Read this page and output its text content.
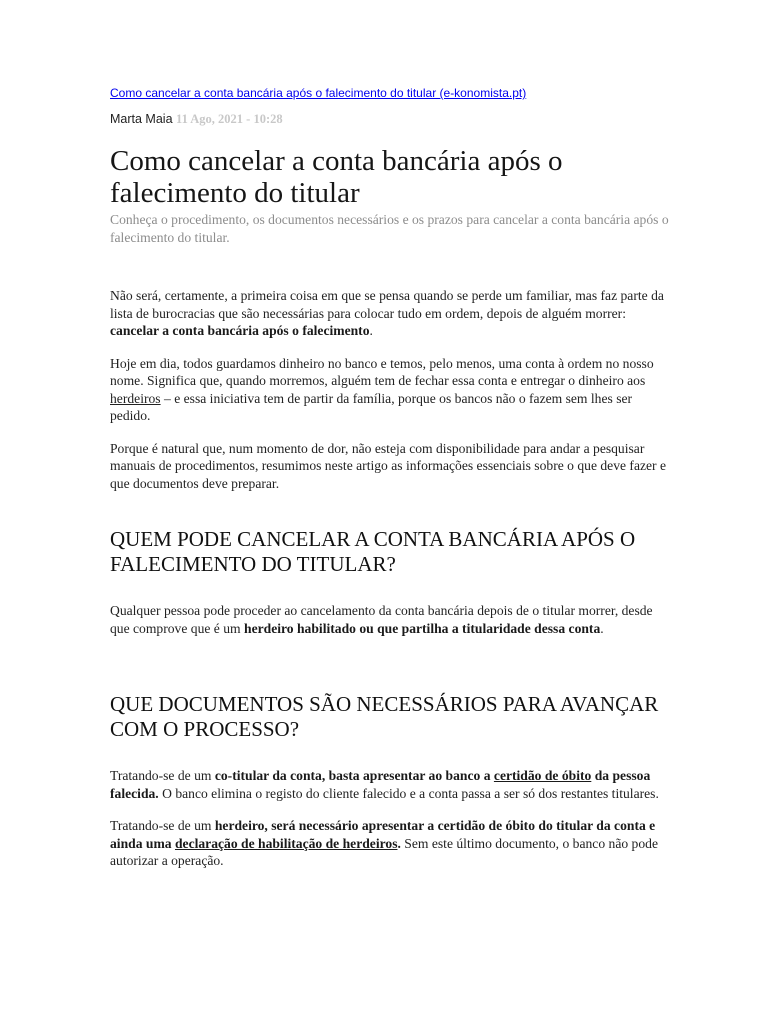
Como cancelar a conta bancária após o falecimento do titular (e-konomista.pt)
Marta Maia 11 Ago, 2021 - 10:28
Como cancelar a conta bancária após o falecimento do titular
Conheça o procedimento, os documentos necessários e os prazos para cancelar a conta bancária após o falecimento do titular.

Não será, certamente, a primeira coisa em que se pensa quando se perde um familiar, mas faz parte da lista de burocracias que são necessárias para colocar tudo em ordem, depois de alguém morrer: cancelar a conta bancária após o falecimento.

Hoje em dia, todos guardamos dinheiro no banco e temos, pelo menos, uma conta à ordem no nosso nome. Significa que, quando morremos, alguém tem de fechar essa conta e entregar o dinheiro aos herdeiros – e essa iniciativa tem de partir da família, porque os bancos não o fazem sem lhes ser pedido.

Porque é natural que, num momento de dor, não esteja com disponibilidade para andar a pesquisar manuais de procedimentos, resumimos neste artigo as informações essenciais sobre o que deve fazer e que documentos deve preparar.

QUEM PODE CANCELAR A CONTA BANCÁRIA APÓS O FALECIMENTO DO TITULAR?

Qualquer pessoa pode proceder ao cancelamento da conta bancária depois de o titular morrer, desde que comprove que é um herdeiro habilitado ou que partilha a titularidade dessa conta.

QUE DOCUMENTOS SÃO NECESSÁRIOS PARA AVANÇAR COM O PROCESSO?

Tratando-se de um co-titular da conta, basta apresentar ao banco a certidão de óbito da pessoa falecida. O banco elimina o registo do cliente falecido e a conta passa a ser só dos restantes titulares.

Tratando-se de um herdeiro, será necessário apresentar a certidão de óbito do titular da conta e ainda uma declaração de habilitação de herdeiros. Sem este último documento, o banco não pode autorizar a operação.
